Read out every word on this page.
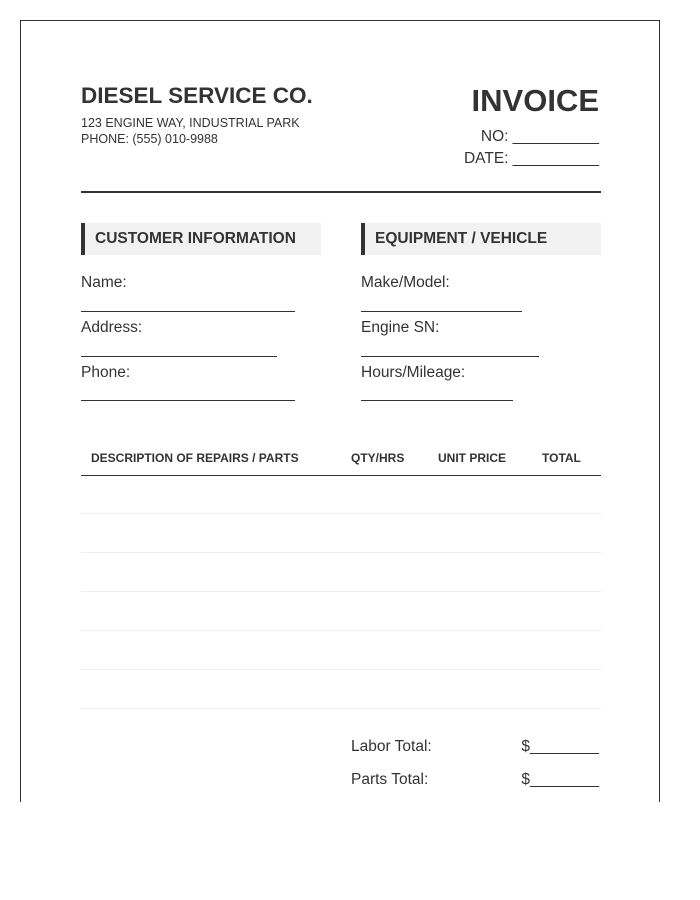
DIESEL SERVICE CO.
123 ENGINE WAY, INDUSTRIAL PARK
PHONE: (555) 010-9988
INVOICE
NO: __________
DATE: __________
CUSTOMER INFORMATION
Name:
Address:
Phone:
EQUIPMENT / VEHICLE
Make/Model:
Engine SN:
Hours/Mileage:
DESCRIPTION OF REPAIRS / PARTS	QTY/HRS	UNIT PRICE	TOTAL
Labor Total:	$________
Parts Total:	$________
